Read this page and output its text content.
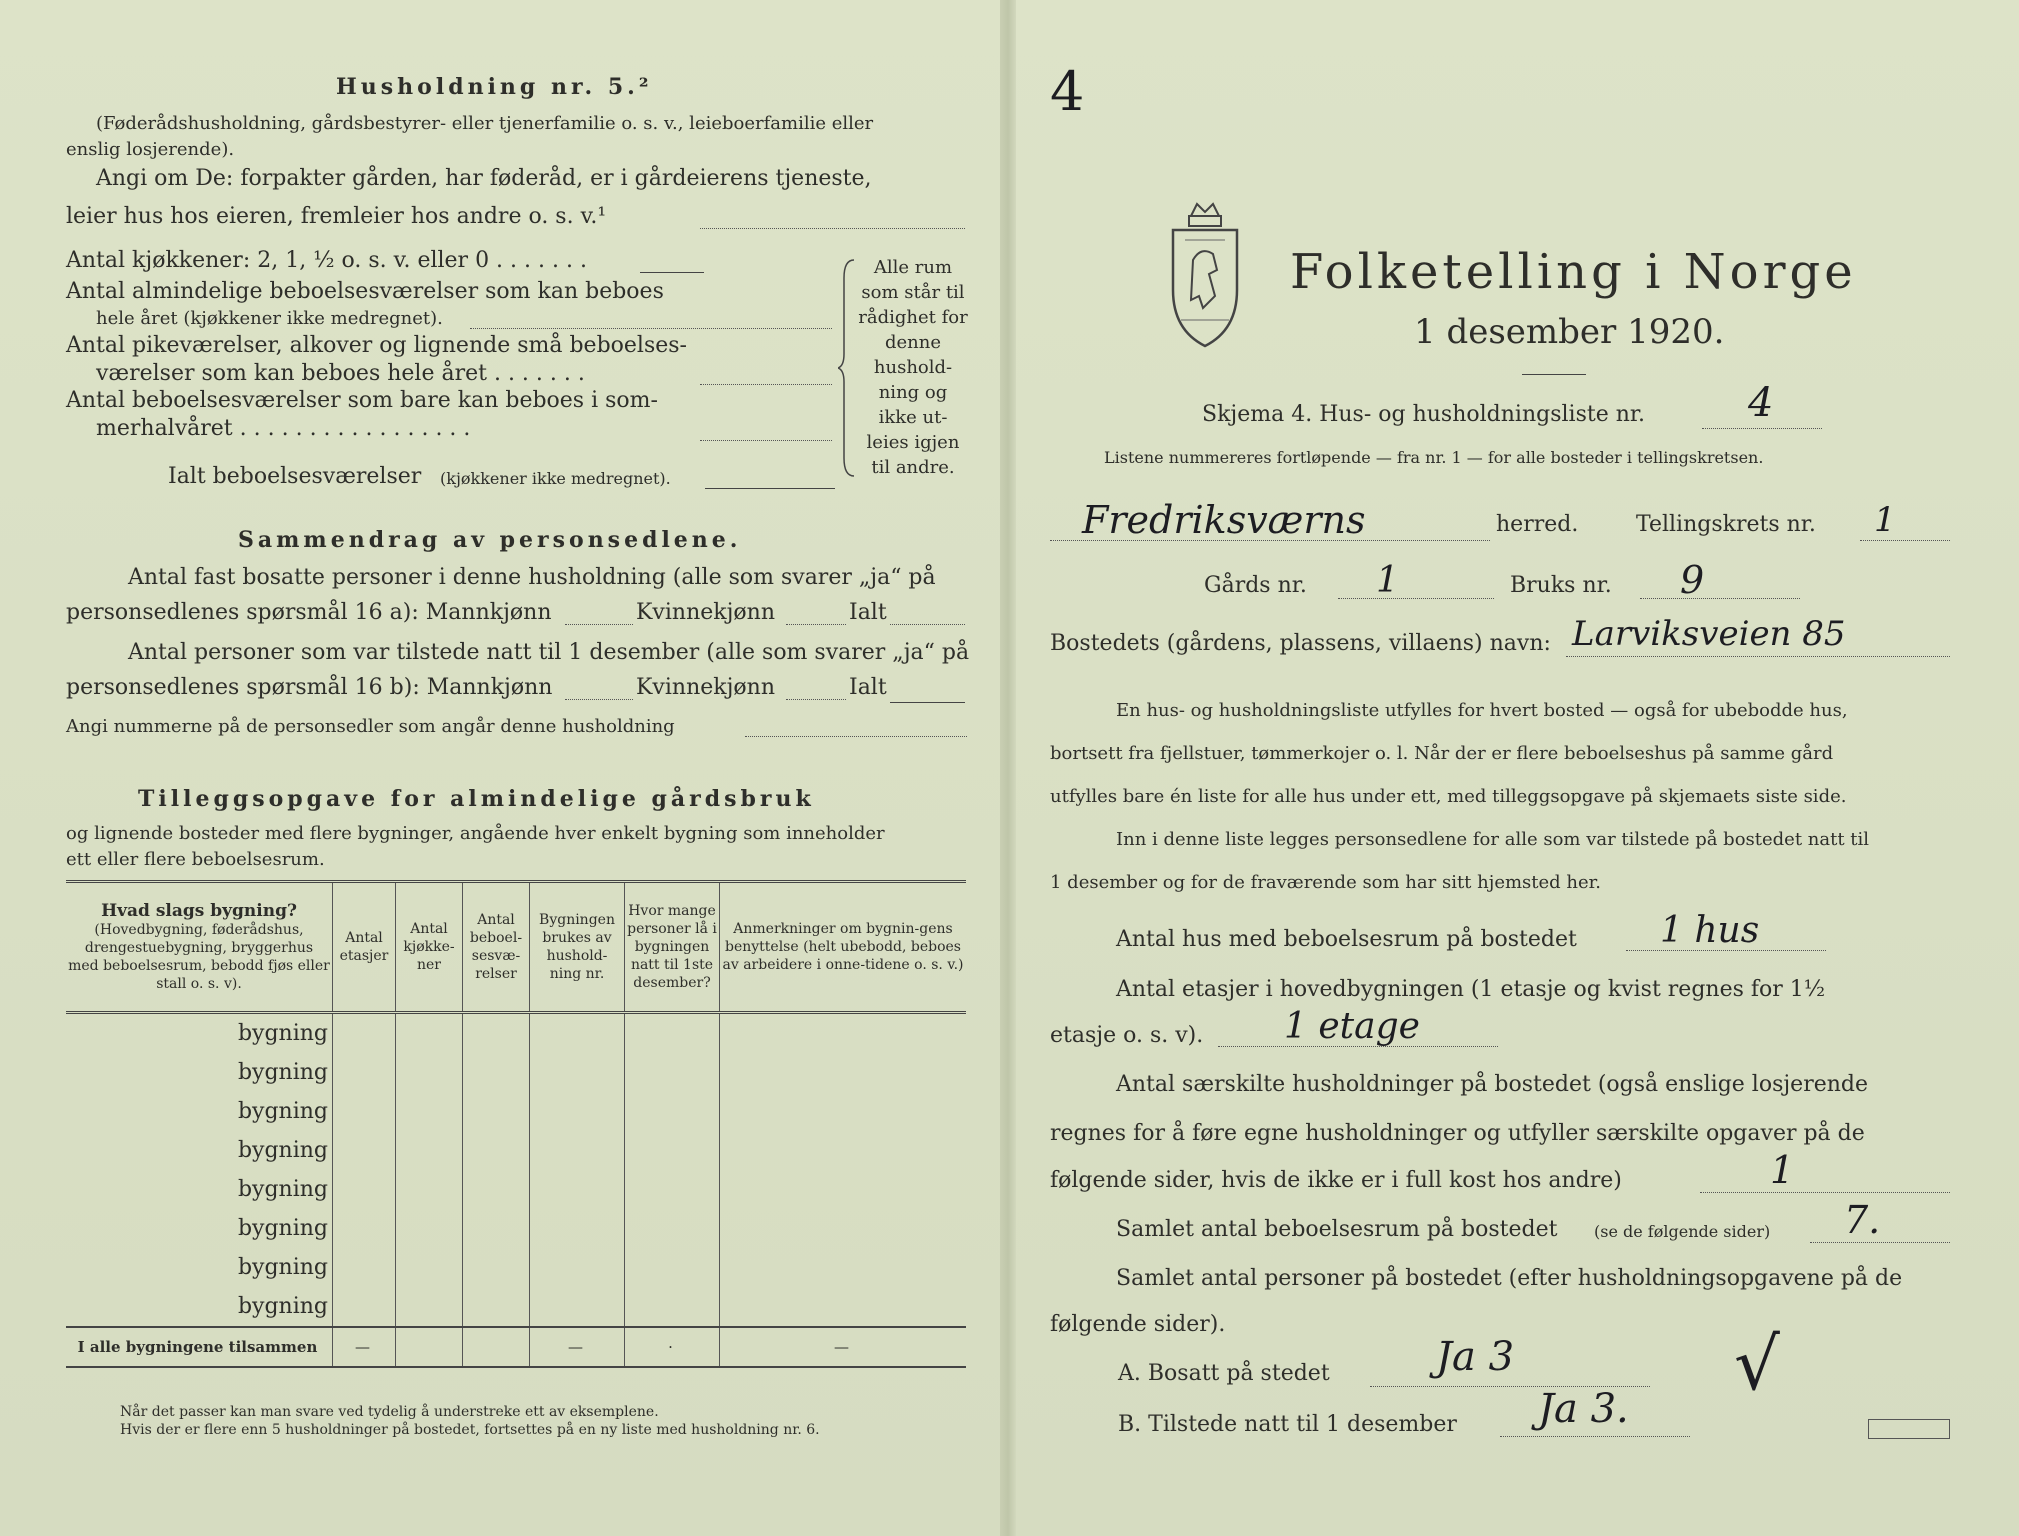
Husholdning nr. 5.²
(Føderådshusholdning, gårdsbestyrer- eller tjenerfamilie o. s. v., leieboerfamilie eller
enslig losjerende).
Angi om De: forpakter gården, har føderåd, er i gårdeierens tjeneste,
leier hus hos eieren, fremleier hos andre o. s. v.¹
Antal kjøkkener: 2, 1, ½ o. s. v. eller 0 . . . . . . .
Antal almindelige beboelsesværelser som kan beboes
hele året (kjøkkener ikke medregnet).
Antal pikeværelser, alkover og lignende små beboelses-
værelser som kan beboes hele året . . . . . . .
Antal beboelsesværelser som bare kan beboes i som-
merhalvåret . . . . . . . . . . . . . . . . .
Ialt beboelsesværelser (kjøkkener ikke medregnet).
Alle rum som står til rådighet for denne hushold-ning og ikke ut-leies igjen til andre.
Sammendrag av personsedlene.
Antal fast bosatte personer i denne husholdning (alle som svarer „ja“ på
personsedlenes spørsmål 16 a): Mannkjønn	Kvinnekjønn	Ialt
Antal personer som var tilstede natt til 1 desember (alle som svarer „ja“ på
personsedlenes spørsmål 16 b): Mannkjønn	Kvinnekjønn	Ialt
Angi nummerne på de personsedler som angår denne husholdning
Tilleggsopgave for almindelige gårdsbruk
og lignende bosteder med flere bygninger, angående hver enkelt bygning som inneholder
ett eller flere beboelsesrum.
Hvad slags bygning?
(Hovedbygning, føderådshus, drengestuebygning, bryggerhus med beboelsesrum, bebodd fjøs eller stall o. s. v).	Antal etasjer	Antal kjøkke-ner	Antal beboel-sesvæ-relser	Bygningen brukes av hushold-ning nr.	Hvor mange personer lå i bygningen natt til 1ste desember?	Anmerkninger om bygnin-gens benyttelse (helt ubebodd, beboes av arbeidere i onne-tidene o. s. v.)
bygning						
bygning						
bygning						
bygning						
bygning						
bygning						
bygning						
bygning						
I alle bygningene tilsammen	—			—	·	—
Når det passer kan man svare ved tydelig å understreke ett av eksemplene.
Hvis der er flere enn 5 husholdninger på bostedet, fortsettes på en ny liste med husholdning nr. 6.
4
Folketelling i Norge
1 desember 1920.
Skjema 4. Hus- og husholdningsliste nr.	4
Listene nummereres fortløpende — fra nr. 1 — for alle bosteder i tellingskretsen.
Fredriksværns	herred.	Tellingskrets nr. 1
Gårds nr. 1	Bruks nr. 9
Bostedets (gårdens, plassens, villaens) navn: Larviksveien 85
En hus- og husholdningsliste utfylles for hvert bosted — også for ubebodde hus,
bortsett fra fjellstuer, tømmerkojer o. l. Når der er flere beboelseshus på samme gård
utfylles bare én liste for alle hus under ett, med tilleggsopgave på skjemaets siste side.
Inn i denne liste legges personsedlene for alle som var tilstede på bostedet natt til
1 desember og for de fraværende som har sitt hjemsted her.
Antal hus med beboelsesrum på bostedet 1 hus
Antal etasjer i hovedbygningen (1 etasje og kvist regnes for 1½
etasje o. s. v). 1 etage
Antal særskilte husholdninger på bostedet (også enslige losjerende
regnes for å føre egne husholdninger og utfyller særskilte opgaver på de
følgende sider, hvis de ikke er i full kost hos andre)	1
Samlet antal beboelsesrum på bostedet (se de følgende sider) 7.
Samlet antal personer på bostedet (efter husholdningsopgavene på de
følgende sider).
A. Bosatt på stedet	Ja 3
B. Tilstede natt til 1 desember Ja 3.
√
